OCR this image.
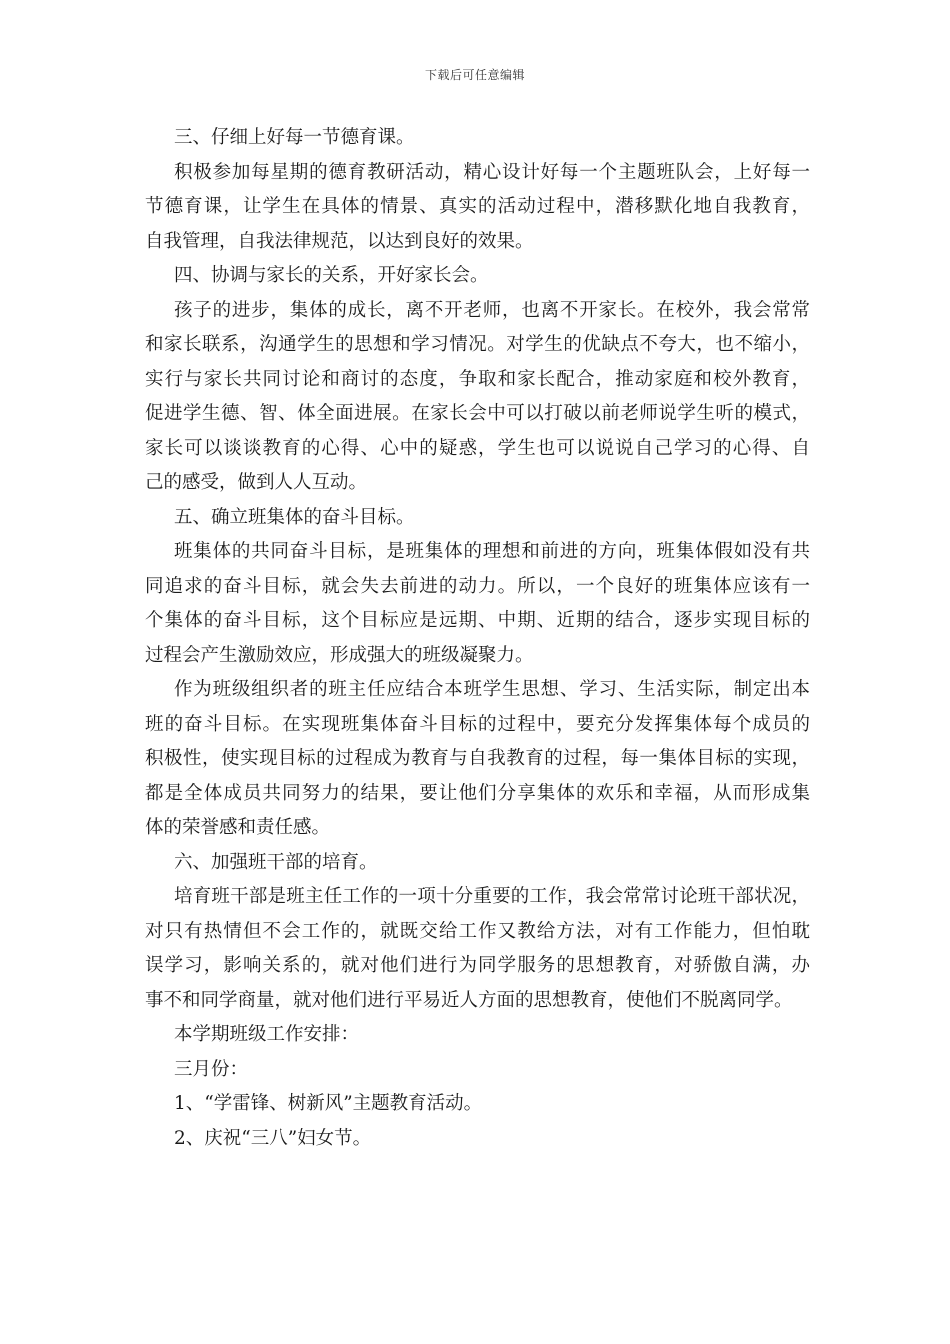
下载后可任意编辑
三、仔细上好每一节德育课。
积极参加每星期的德育教研活动，精心设计好每一个主题班队会，上好每一
节德育课，让学生在具体的情景、真实的活动过程中，潜移默化地自我教育，
自我管理，自我法律规范，以达到良好的效果。
四、协调与家长的关系，开好家长会。
孩子的进步，集体的成长，离不开老师，也离不开家长。在校外，我会常常
和家长联系，沟通学生的思想和学习情况。对学生的优缺点不夸大，也不缩小，
实行与家长共同讨论和商讨的态度，争取和家长配合，推动家庭和校外教育，
促进学生德、智、体全面进展。在家长会中可以打破以前老师说学生听的模式，
家长可以谈谈教育的心得、心中的疑惑，学生也可以说说自己学习的心得、自
己的感受，做到人人互动。
五、确立班集体的奋斗目标。
班集体的共同奋斗目标，是班集体的理想和前进的方向，班集体假如没有共
同追求的奋斗目标，就会失去前进的动力。所以，一个良好的班集体应该有一
个集体的奋斗目标，这个目标应是远期、中期、近期的结合，逐步实现目标的
过程会产生激励效应，形成强大的班级凝聚力。
作为班级组织者的班主任应结合本班学生思想、学习、生活实际，制定出本
班的奋斗目标。在实现班集体奋斗目标的过程中，要充分发挥集体每个成员的
积极性，使实现目标的过程成为教育与自我教育的过程，每一集体目标的实现，
都是全体成员共同努力的结果，要让他们分享集体的欢乐和幸福，从而形成集
体的荣誉感和责任感。
六、加强班干部的培育。
培育班干部是班主任工作的一项十分重要的工作，我会常常讨论班干部状况，
对只有热情但不会工作的，就既交给工作又教给方法，对有工作能力，但怕耽
误学习，影响关系的，就对他们进行为同学服务的思想教育，对骄傲自满，办
事不和同学商量，就对他们进行平易近人方面的思想教育，使他们不脱离同学。
本学期班级工作安排：
三月份：
1、“学雷锋、树新风”主题教育活动。
2、庆祝“三八”妇女节。
